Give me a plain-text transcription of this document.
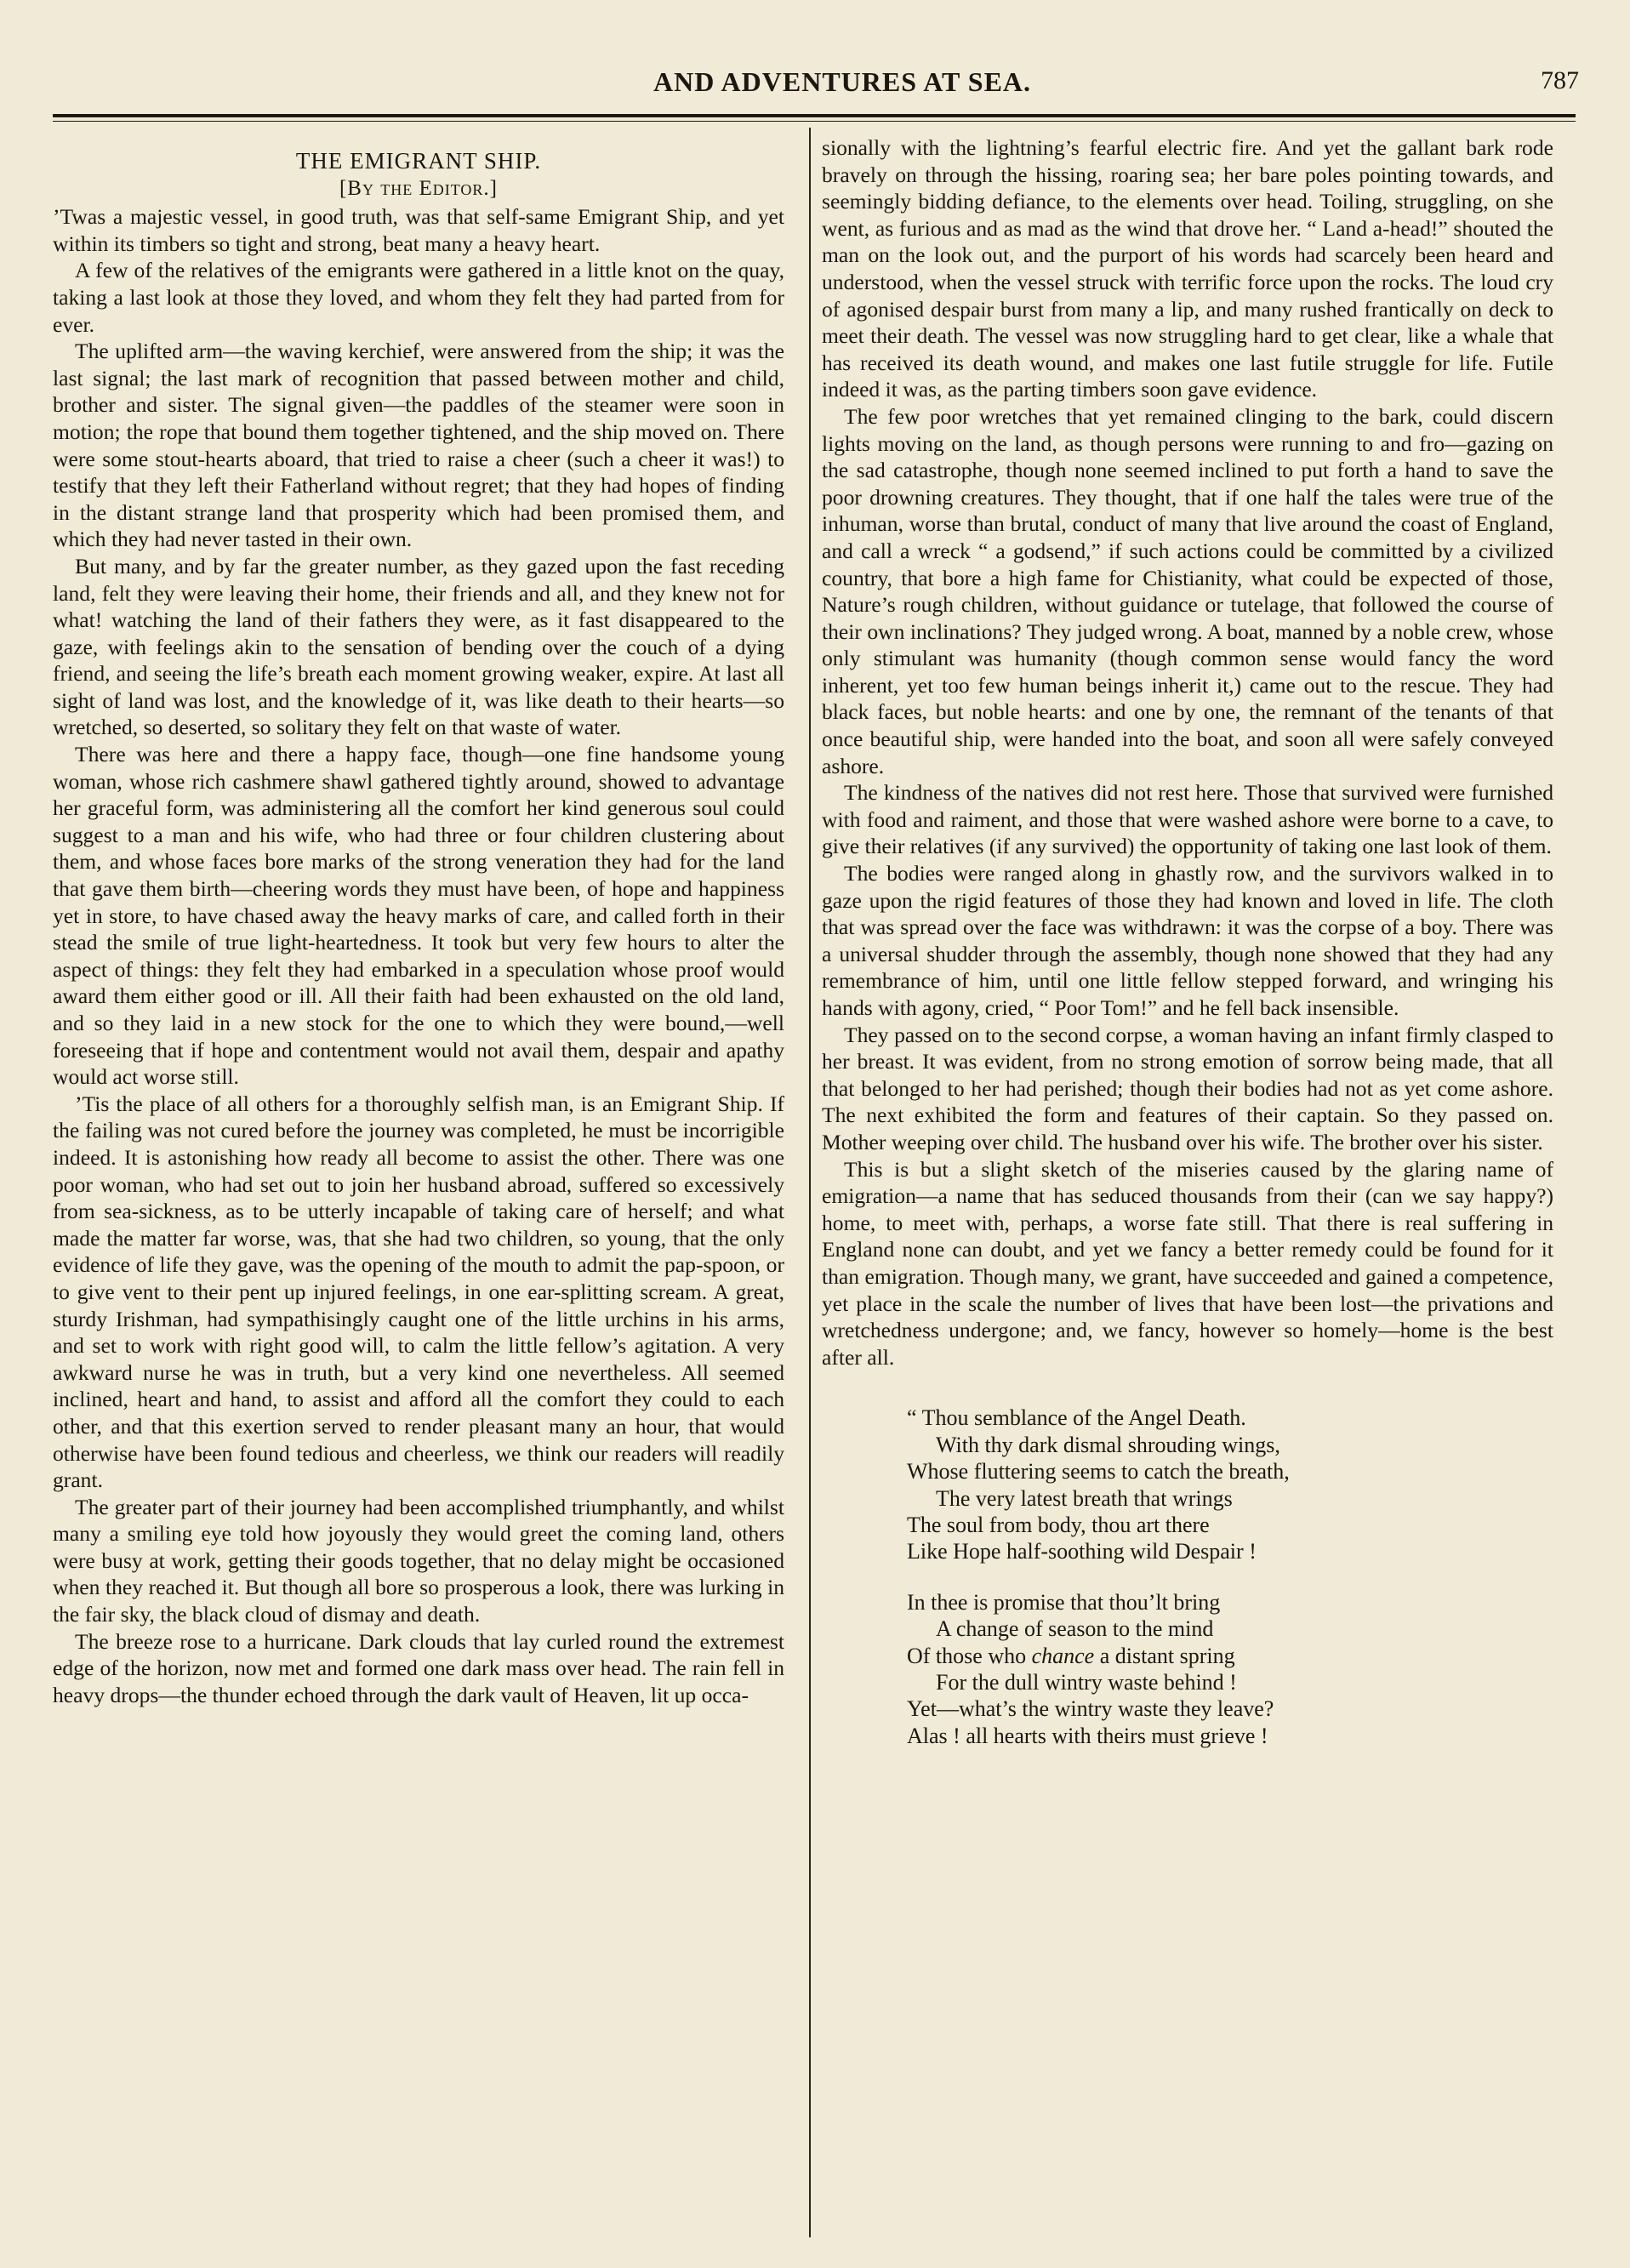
AND ADVENTURES AT SEA.	787
THE EMIGRANT SHIP.
[By the Editor.]

’Twas a majestic vessel, in good truth, was that self-same Emigrant Ship, and yet within its timbers so tight and strong, beat many a heavy heart.

A few of the relatives of the emigrants were gathered in a little knot on the quay, taking a last look at those they loved, and whom they felt they had parted from for ever.

The uplifted arm—the waving kerchief, were answered from the ship; it was the last signal; the last mark of recognition that passed between mother and child, brother and sister. The signal given—the paddles of the steamer were soon in motion; the rope that bound them together tightened, and the ship moved on. There were some stout-hearts aboard, that tried to raise a cheer (such a cheer it was!) to testify that they left their Fatherland without regret; that they had hopes of finding in the distant strange land that prosperity which had been promised them, and which they had never tasted in their own.

But many, and by far the greater number, as they gazed upon the fast receding land, felt they were leaving their home, their friends and all, and they knew not for what! watching the land of their fathers they were, as it fast disappeared to the gaze, with feelings akin to the sensation of bending over the couch of a dying friend, and seeing the life’s breath each moment growing weaker, expire. At last all sight of land was lost, and the knowledge of it, was like death to their hearts—so wretched, so deserted, so solitary they felt on that waste of water.

There was here and there a happy face, though—one fine handsome young woman, whose rich cashmere shawl gathered tightly around, showed to advantage her graceful form, was administering all the comfort her kind generous soul could suggest to a man and his wife, who had three or four children clustering about them, and whose faces bore marks of the strong veneration they had for the land that gave them birth—cheering words they must have been, of hope and happiness yet in store, to have chased away the heavy marks of care, and called forth in their stead the smile of true light-heartedness. It took but very few hours to alter the aspect of things: they felt they had embarked in a speculation whose proof would award them either good or ill. All their faith had been exhausted on the old land, and so they laid in a new stock for the one to which they were bound,—well foreseeing that if hope and contentment would not avail them, despair and apathy would act worse still.

’Tis the place of all others for a thoroughly selfish man, is an Emigrant Ship. If the failing was not cured before the journey was completed, he must be incorrigible indeed. It is astonishing how ready all become to assist the other. There was one poor woman, who had set out to join her husband abroad, suffered so excessively from sea-sickness, as to be utterly incapable of taking care of herself; and what made the matter far worse, was, that she had two children, so young, that the only evidence of life they gave, was the opening of the mouth to admit the pap-spoon, or to give vent to their pent up injured feelings, in one ear-splitting scream. A great, sturdy Irishman, had sympathisingly caught one of the little urchins in his arms, and set to work with right good will, to calm the little fellow’s agitation. A very awkward nurse he was in truth, but a very kind one nevertheless. All seemed inclined, heart and hand, to assist and afford all the comfort they could to each other, and that this exertion served to render pleasant many an hour, that would otherwise have been found tedious and cheerless, we think our readers will readily grant.

The greater part of their journey had been accomplished triumphantly, and whilst many a smiling eye told how joyously they would greet the coming land, others were busy at work, getting their goods together, that no delay might be occasioned when they reached it. But though all bore so prosperous a look, there was lurking in the fair sky, the black cloud of dismay and death.

The breeze rose to a hurricane. Dark clouds that lay curled round the extremest edge of the horizon, now met and formed one dark mass over head. The rain fell in heavy drops—the thunder echoed through the dark vault of Heaven, lit up occa-

sionally with the lightning’s fearful electric fire. And yet the gallant bark rode bravely on through the hissing, roaring sea; her bare poles pointing towards, and seemingly bidding defiance, to the elements over head. Toiling, struggling, on she went, as furious and as mad as the wind that drove her. “ Land a-head!” shouted the man on the look out, and the purport of his words had scarcely been heard and understood, when the vessel struck with terrific force upon the rocks. The loud cry of agonised despair burst from many a lip, and many rushed frantically on deck to meet their death. The vessel was now struggling hard to get clear, like a whale that has received its death wound, and makes one last futile struggle for life. Futile indeed it was, as the parting timbers soon gave evidence.

The few poor wretches that yet remained clinging to the bark, could discern lights moving on the land, as though persons were running to and fro—gazing on the sad catastrophe, though none seemed inclined to put forth a hand to save the poor drowning creatures. They thought, that if one half the tales were true of the inhuman, worse than brutal, conduct of many that live around the coast of England, and call a wreck “ a godsend,” if such actions could be committed by a civilized country, that bore a high fame for Chistianity, what could be expected of those, Nature’s rough children, without guidance or tutelage, that followed the course of their own inclinations? They judged wrong. A boat, manned by a noble crew, whose only stimulant was humanity (though common sense would fancy the word inherent, yet too few human beings inherit it,) came out to the rescue. They had black faces, but noble hearts: and one by one, the remnant of the tenants of that once beautiful ship, were handed into the boat, and soon all were safely conveyed ashore.

The kindness of the natives did not rest here. Those that survived were furnished with food and raiment, and those that were washed ashore were borne to a cave, to give their relatives (if any survived) the opportunity of taking one last look of them.

The bodies were ranged along in ghastly row, and the survivors walked in to gaze upon the rigid features of those they had known and loved in life. The cloth that was spread over the face was withdrawn: it was the corpse of a boy. There was a universal shudder through the assembly, though none showed that they had any remembrance of him, until one little fellow stepped forward, and wringing his hands with agony, cried, “ Poor Tom!” and he fell back insensible.

They passed on to the second corpse, a woman having an infant firmly clasped to her breast. It was evident, from no strong emotion of sorrow being made, that all that belonged to her had perished; though their bodies had not as yet come ashore. The next exhibited the form and features of their captain. So they passed on. Mother weeping over child. The husband over his wife. The brother over his sister.

This is but a slight sketch of the miseries caused by the glaring name of emigration—a name that has seduced thousands from their (can we say happy?) home, to meet with, perhaps, a worse fate still. That there is real suffering in England none can doubt, and yet we fancy a better remedy could be found for it than emigration. Though many, we grant, have succeeded and gained a competence, yet place in the scale the number of lives that have been lost—the privations and wretchedness undergone; and, we fancy, however so homely—home is the best after all.

“ Thou semblance of the Angel Death.
With thy dark dismal shrouding wings,
Whose fluttering seems to catch the breath,
The very latest breath that wrings
The soul from body, thou art there
Like Hope half-soothing wild Despair !
In thee is promise that thou’lt bring
A change of season to the mind
Of those who chance a distant spring
For the dull wintry waste behind !
Yet—what’s the wintry waste they leave?
Alas ! all hearts with theirs must grieve !
